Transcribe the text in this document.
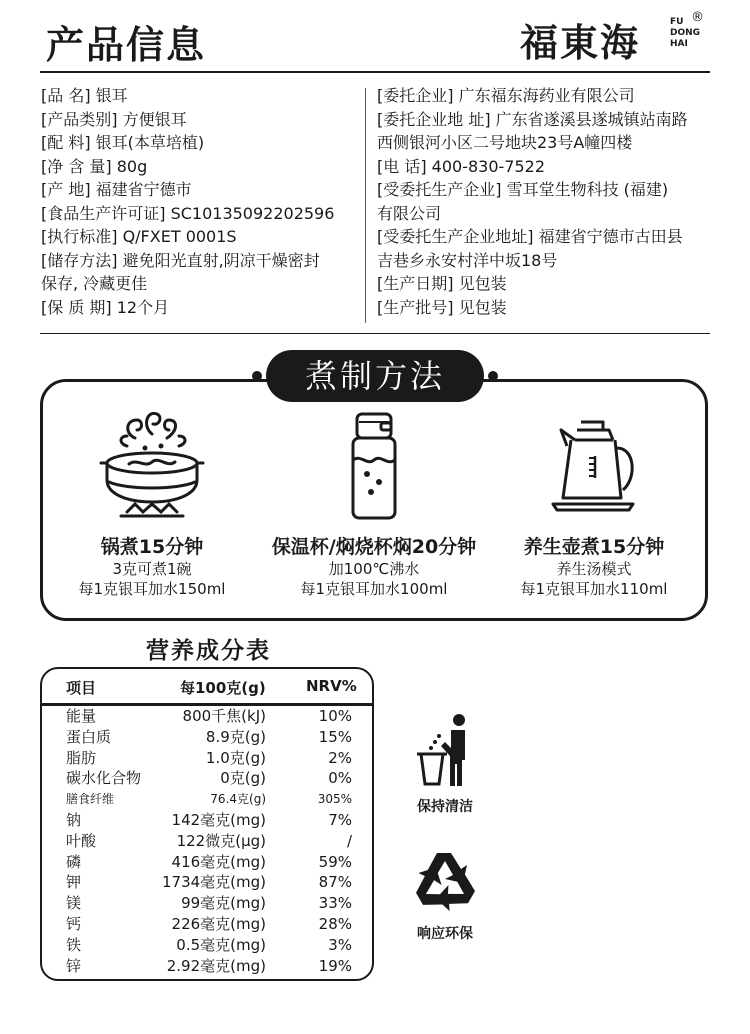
产品信息	福東海	FU
DONG
HAI
®
[品 名] 银耳
[产品类别] 方便银耳
[配 料] 银耳(本草培植)
[净 含 量] 80g
[产 地] 福建省宁德市
[食品生产许可证] SC10135092202596
[执行标准] Q/FXET 0001S
[储存方法] 避免阳光直射,阴凉干燥密封
保存, 冷藏更佳
[保 质 期] 12个月
[委托企业] 广东福东海药业有限公司
[委托企业地 址] 广东省遂溪县遂城镇站南路
西侧银河小区二号地块23号A幢四楼
[电 话] 400-830-7522
[受委托生产企业] 雪耳堂生物科技 (福建)
有限公司
[受委托生产企业地址] 福建省宁德市古田县
吉巷乡永安村洋中坂18号
[生产日期] 见包装
[生产批号] 见包装
煮制方法
锅煮15分钟
3克可煮1碗
每1克银耳加水150ml
保温杯/焖烧杯焖20分钟
加100℃沸水
每1克银耳加水100ml
养生壶煮15分钟
养生汤模式
每1克银耳加水110ml
营养成分表
项目	每100克(g)	NRV%
能量	800千焦(kJ)	10%
蛋白质	8.9克(g)	15%
脂肪	1.0克(g)	2%
碳水化合物	0克(g)	0%
膳食纤维	76.4克(g)	305%
钠	142毫克(mg)	7%
叶酸	122微克(μg)	/
磷	416毫克(mg)	59%
钾	1734毫克(mg)	87%
镁	99毫克(mg)	33%
钙	226毫克(mg)	28%
铁	0.5毫克(mg)	3%
锌	2.92毫克(mg)	19%
保持清洁
响应环保
